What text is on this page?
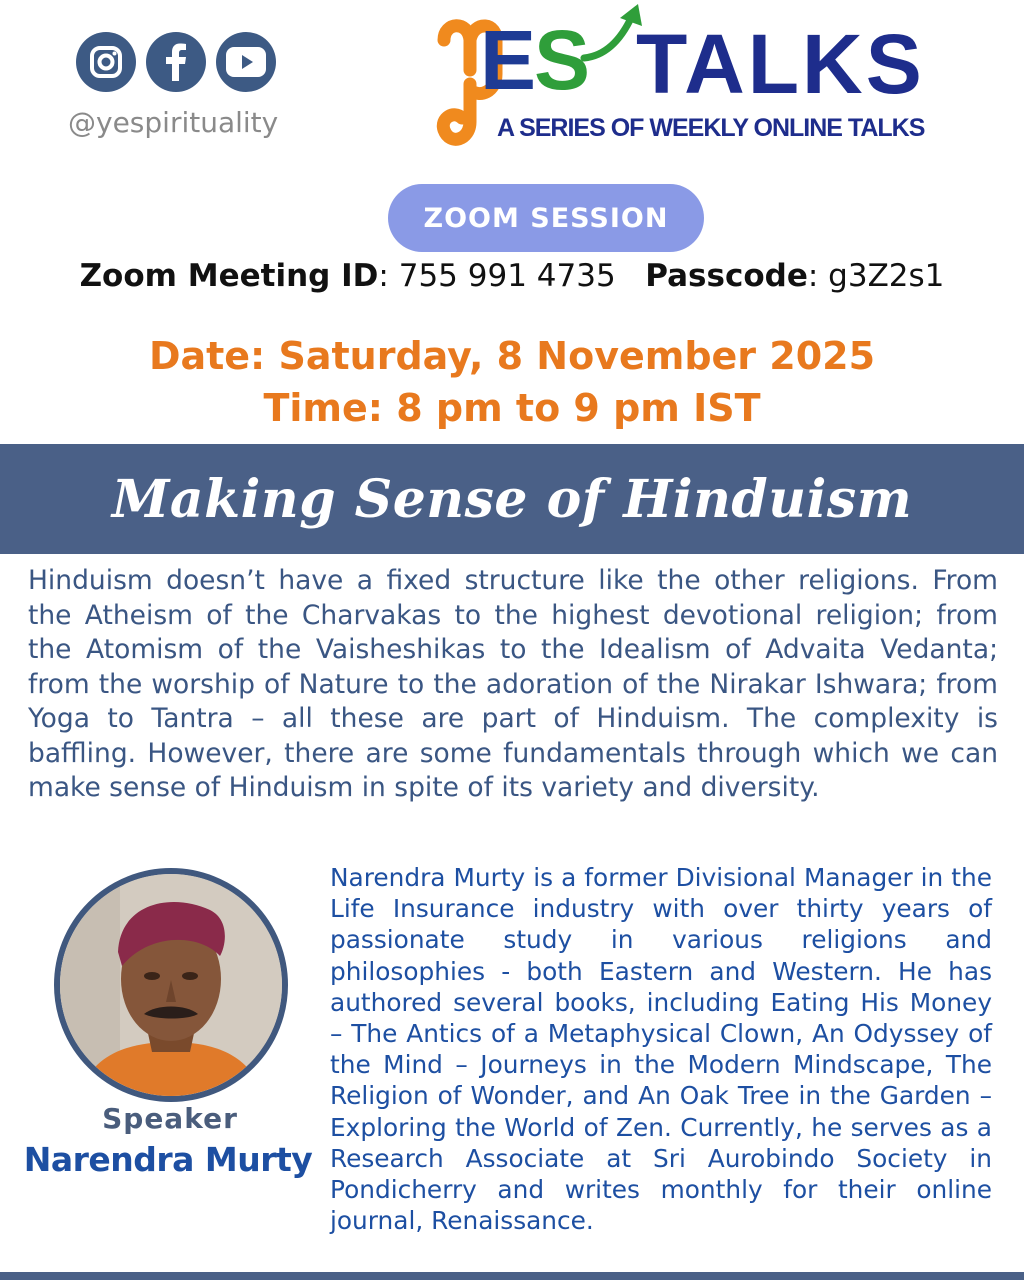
@yespirituality
ES TALKS
A SERIES OF WEEKLY ONLINE TALKS
ZOOM SESSION
Zoom Meeting ID: 755 991 4735 Passcode: g3Z2s1
Date: Saturday, 8 November 2025
Time: 8 pm to 9 pm IST
Making Sense of Hinduism
Hinduism doesn’t have a fixed structure like the other religions. From the Atheism of the Charvakas to the highest devotional religion; from the Atomism of the Vaisheshikas to the Idealism of Advaita Vedanta; from the worship of Nature to the adoration of the Nirakar Ishwara; from Yoga to Tantra – all these are part of Hinduism. The complexity is baffling. However, there are some fundamentals through which we can make sense of Hinduism in spite of its variety and diversity.
Speaker
Narendra Murty
Narendra Murty is a former Divisional Manager in the Life Insurance industry with over thirty years of passionate study in various religions and philosophies - both Eastern and Western. He has authored several books, including Eating His Money – The Antics of a Metaphysical Clown, An Odyssey of the Mind – Journeys in the Modern Mindscape, The Religion of Wonder, and An Oak Tree in the Garden – Exploring the World of Zen. Currently, he serves as a Research Associate at Sri Aurobindo Society in Pondicherry and writes monthly for their online journal, Renaissance.
